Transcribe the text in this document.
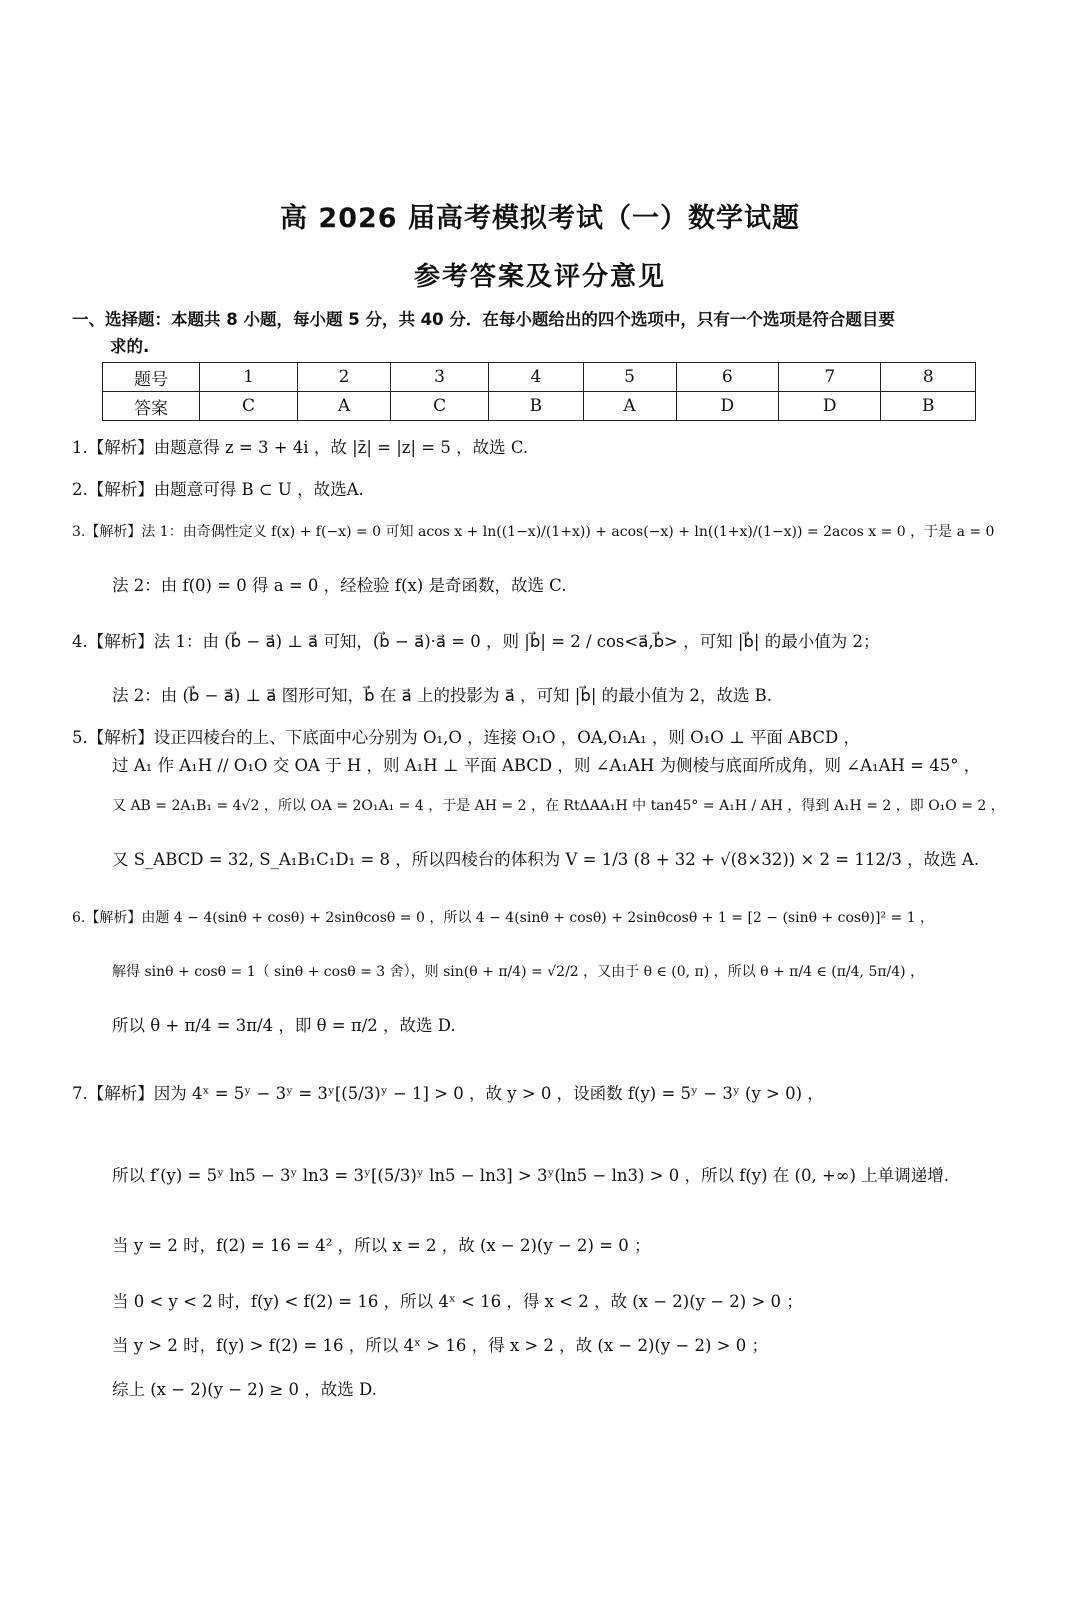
高 2026 届高考模拟考试（一）数学试题
参考答案及评分意见
一、选择题：本题共 8 小题，每小题 5 分，共 40 分．在每小题给出的四个选项中，只有一个选项是符合题目要
求的.
题号	1	2	3	4	5	6	7	8
答案	C	A	C	B	A	D	D	B
1.【解析】由题意得 z = 3 + 4i ，故 |z̄| = |z| = 5 ，故选 C.
2.【解析】由题意可得 B ⊂ U ，故选A.
3.【解析】法 1：由奇偶性定义 f(x) + f(−x) = 0 可知 acos x + ln((1−x)/(1+x)) + acos(−x) + ln((1+x)/(1−x)) = 2acos x = 0 ，于是 a = 0
法 2：由 f(0) = 0 得 a = 0 ，经检验 f(x) 是奇函数，故选 C.
4.【解析】法 1：由 (b⃗ − a⃗) ⊥ a⃗ 可知，(b⃗ − a⃗)·a⃗ = 0 ，则 |b⃗| = 2 / cos<a⃗,b⃗> ，可知 |b⃗| 的最小值为 2；
法 2：由 (b⃗ − a⃗) ⊥ a⃗ 图形可知，b⃗ 在 a⃗ 上的投影为 a⃗ ，可知 |b⃗| 的最小值为 2，故选 B.
5.【解析】设正四棱台的上、下底面中心分别为 O₁,O ，连接 O₁O ，OA,O₁A₁ ，则 O₁O ⊥ 平面 ABCD ，
过 A₁ 作 A₁H // O₁O 交 OA 于 H ，则 A₁H ⊥ 平面 ABCD ，则 ∠A₁AH 为侧棱与底面所成角，则 ∠A₁AH = 45° ，
又 AB = 2A₁B₁ = 4√2 ，所以 OA = 2O₁A₁ = 4 ，于是 AH = 2 ，在 RtΔAA₁H 中 tan45° = A₁H / AH ，得到 A₁H = 2 ，即 O₁O = 2 ，
又 S_ABCD = 32, S_A₁B₁C₁D₁ = 8 ，所以四棱台的体积为 V = 1/3 (8 + 32 + √(8×32)) × 2 = 112/3 ，故选 A.
6.【解析】由题 4 − 4(sinθ + cosθ) + 2sinθcosθ = 0 ，所以 4 − 4(sinθ + cosθ) + 2sinθcosθ + 1 = [2 − (sinθ + cosθ)]² = 1 ，
解得 sinθ + cosθ = 1（ sinθ + cosθ = 3 舍），则 sin(θ + π/4) = √2/2 ，又由于 θ ∈ (0, π) ，所以 θ + π/4 ∈ (π/4, 5π/4) ，
所以 θ + π/4 = 3π/4 ，即 θ = π/2 ，故选 D.
7.【解析】因为 4ˣ = 5ʸ − 3ʸ = 3ʸ[(5/3)ʸ − 1] > 0 ，故 y > 0 ，设函数 f(y) = 5ʸ − 3ʸ (y > 0) ，
所以 f′(y) = 5ʸ ln5 − 3ʸ ln3 = 3ʸ[(5/3)ʸ ln5 − ln3] > 3ʸ(ln5 − ln3) > 0 ，所以 f(y) 在 (0, +∞) 上单调递增.
当 y = 2 时，f(2) = 16 = 4² ，所以 x = 2 ，故 (x − 2)(y − 2) = 0 ；
当 0 < y < 2 时，f(y) < f(2) = 16 ，所以 4ˣ < 16 ，得 x < 2 ，故 (x − 2)(y − 2) > 0 ；
当 y > 2 时，f(y) > f(2) = 16 ，所以 4ˣ > 16 ，得 x > 2 ，故 (x − 2)(y − 2) > 0 ；
综上 (x − 2)(y − 2) ≥ 0 ，故选 D.
